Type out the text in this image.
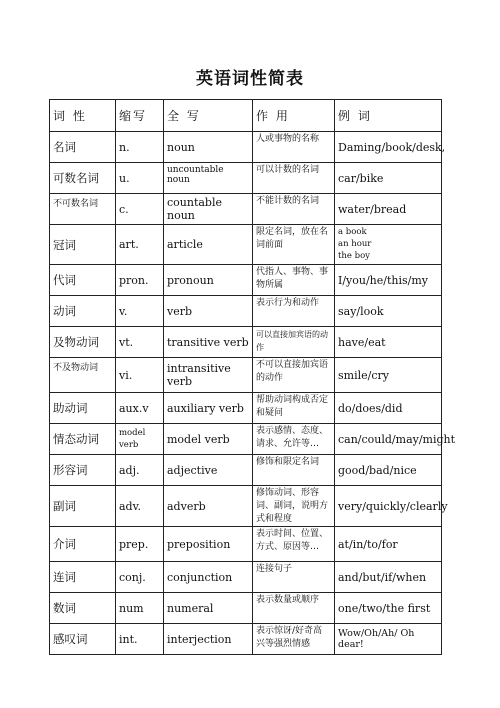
英语词性简表
词 性	缩写	全 写	作 用	例 词
名词	n.	noun	人或事物的名称	Daming/book/desk,
可数名词	u.	uncountable noun	可以计数的名词	car/bike
不可数名词	c.	countable noun	不能计数的名词	water/bread
冠词	art.	article	限定名词，放在名词前面	a book
an hour
the boy
代词	pron.	pronoun	代指人、事物、事物所属	I/you/he/this/my
动词	v.	verb	表示行为和动作	say/look
及物动词	vt.	transitive verb	可以直接加宾语的动作	have/eat
不及物动词	vi.	intransitive verb	不可以直接加宾语的动作	smile/cry
助动词	aux.v	auxiliary verb	帮助动词构成否定和疑问	do/does/did
情态动词	model verb	model verb	表示感情、态度、请求、允许等…	can/could/may/might
形容词	adj.	adjective	修饰和限定名词	good/bad/nice
副词	adv.	adverb	修饰动词、形容词、副词，说明方式和程度	very/quickly/clearly
介词	prep.	preposition	表示时间、位置、方式、原因等…	at/in/to/for
连词	conj.	conjunction	连接句子	and/but/if/when
数词	num	numeral	表示数量或顺序	one/two/the first
感叹词	int.	interjection	表示惊讶/好奇高兴等强烈情感	Wow/Oh/Ah/ Oh dear!
